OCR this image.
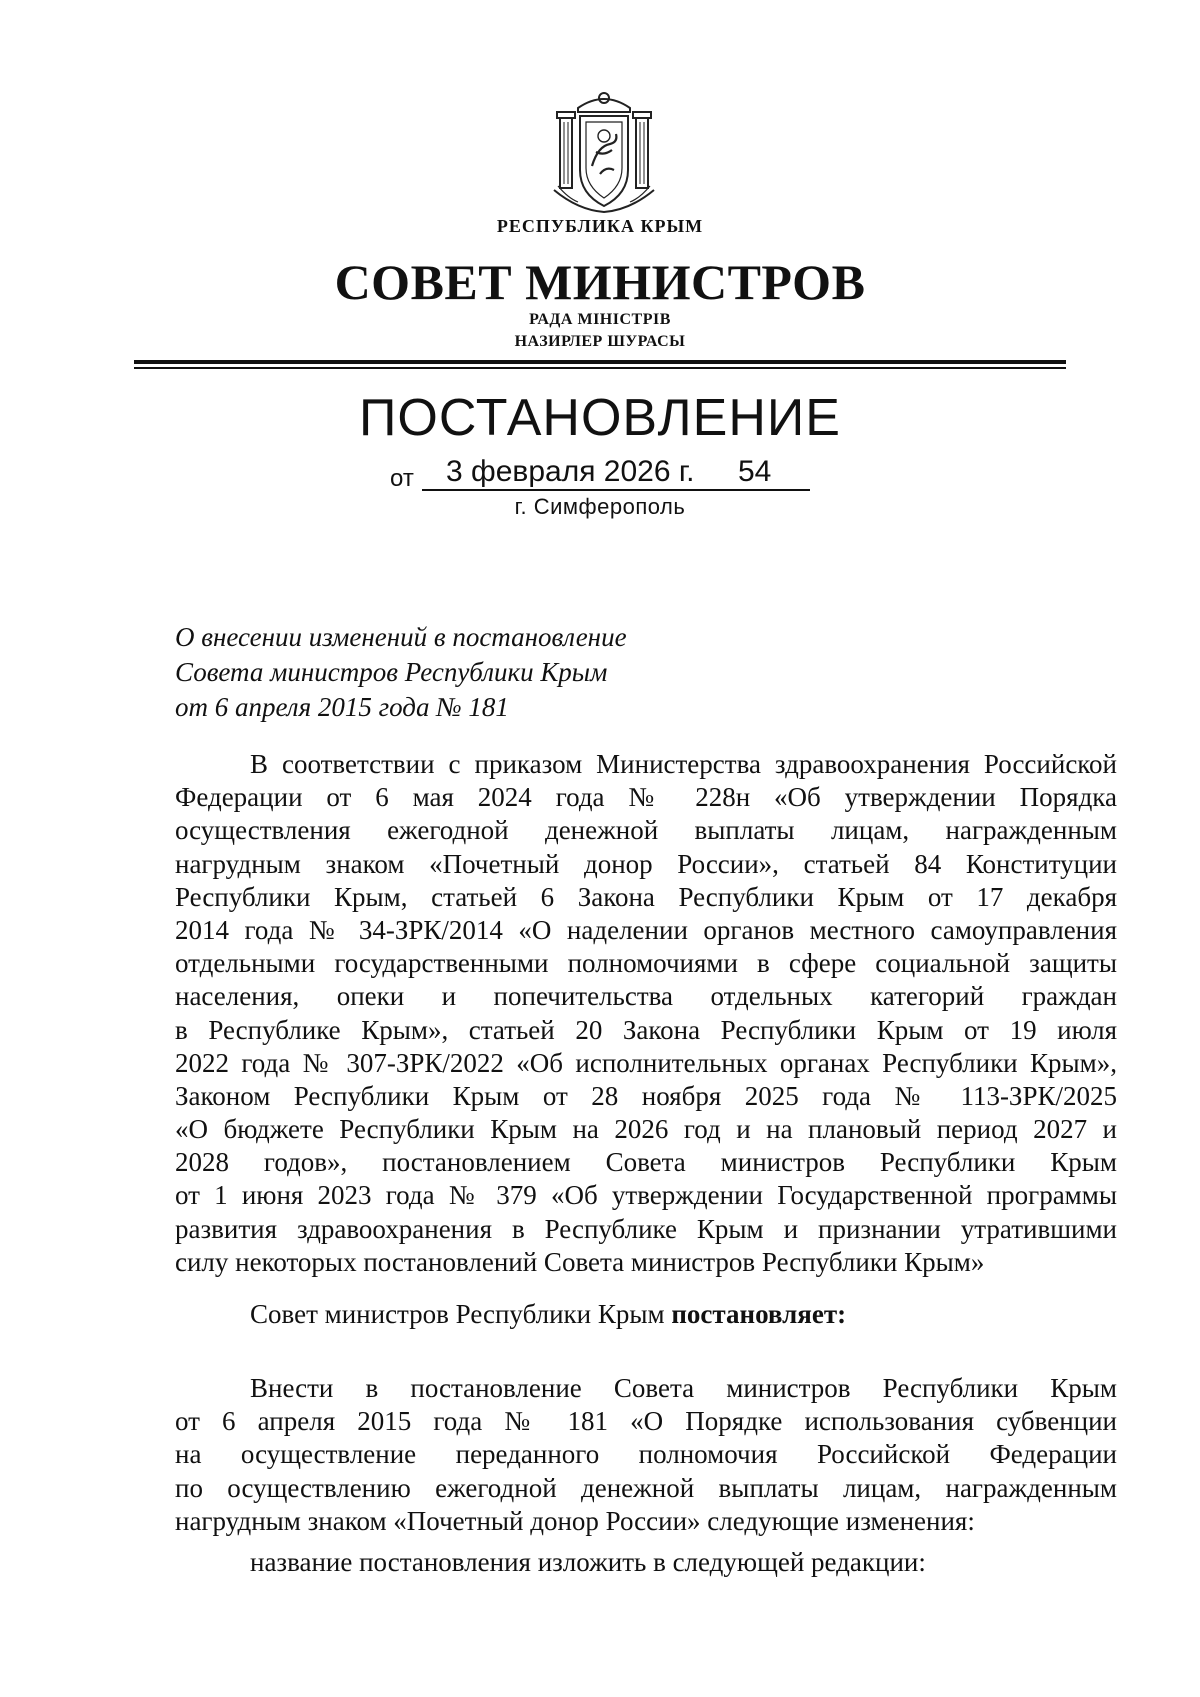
РЕСПУБЛИКА КРЫМ
СОВЕТ МИНИСТРОВ
РАДА МІНІСТРІВ
НАЗИРЛЕР ШУРАСЫ
ПОСТАНОВЛЕНИЕ
от 3 февраля 2026 г. 54
г. Симферополь
О внесении изменений в постановление
Совета министров Республики Крым
от 6 апреля 2015 года № 181
В соответствии с приказом Министерства здравоохранения Российской
Федерации от 6 мая 2024 года № 228н «Об утверждении Порядка
осуществления ежегодной денежной выплаты лицам, награжденным
нагрудным знаком «Почетный донор России», статьей 84 Конституции
Республики Крым, статьей 6 Закона Республики Крым от 17 декабря
2014 года № 34-ЗРК/2014 «О наделении органов местного самоуправления
отдельными государственными полномочиями в сфере социальной защиты
населения, опеки и попечительства отдельных категорий граждан
в Республике Крым», статьей 20 Закона Республики Крым от 19 июля
2022 года № 307-ЗРК/2022 «Об исполнительных органах Республики Крым»,
Законом Республики Крым от 28 ноября 2025 года № 113-ЗРК/2025
«О бюджете Республики Крым на 2026 год и на плановый период 2027 и
2028 годов», постановлением Совета министров Республики Крым
от 1 июня 2023 года № 379 «Об утверждении Государственной программы
развития здравоохранения в Республике Крым и признании утратившими
силу некоторых постановлений Совета министров Республики Крым»
Совет министров Республики Крым постановляет:
Внести в постановление Совета министров Республики Крым
от 6 апреля 2015 года № 181 «О Порядке использования субвенции
на осуществление переданного полномочия Российской Федерации
по осуществлению ежегодной денежной выплаты лицам, награжденным
нагрудным знаком «Почетный донор России» следующие изменения:
название постановления изложить в следующей редакции:
